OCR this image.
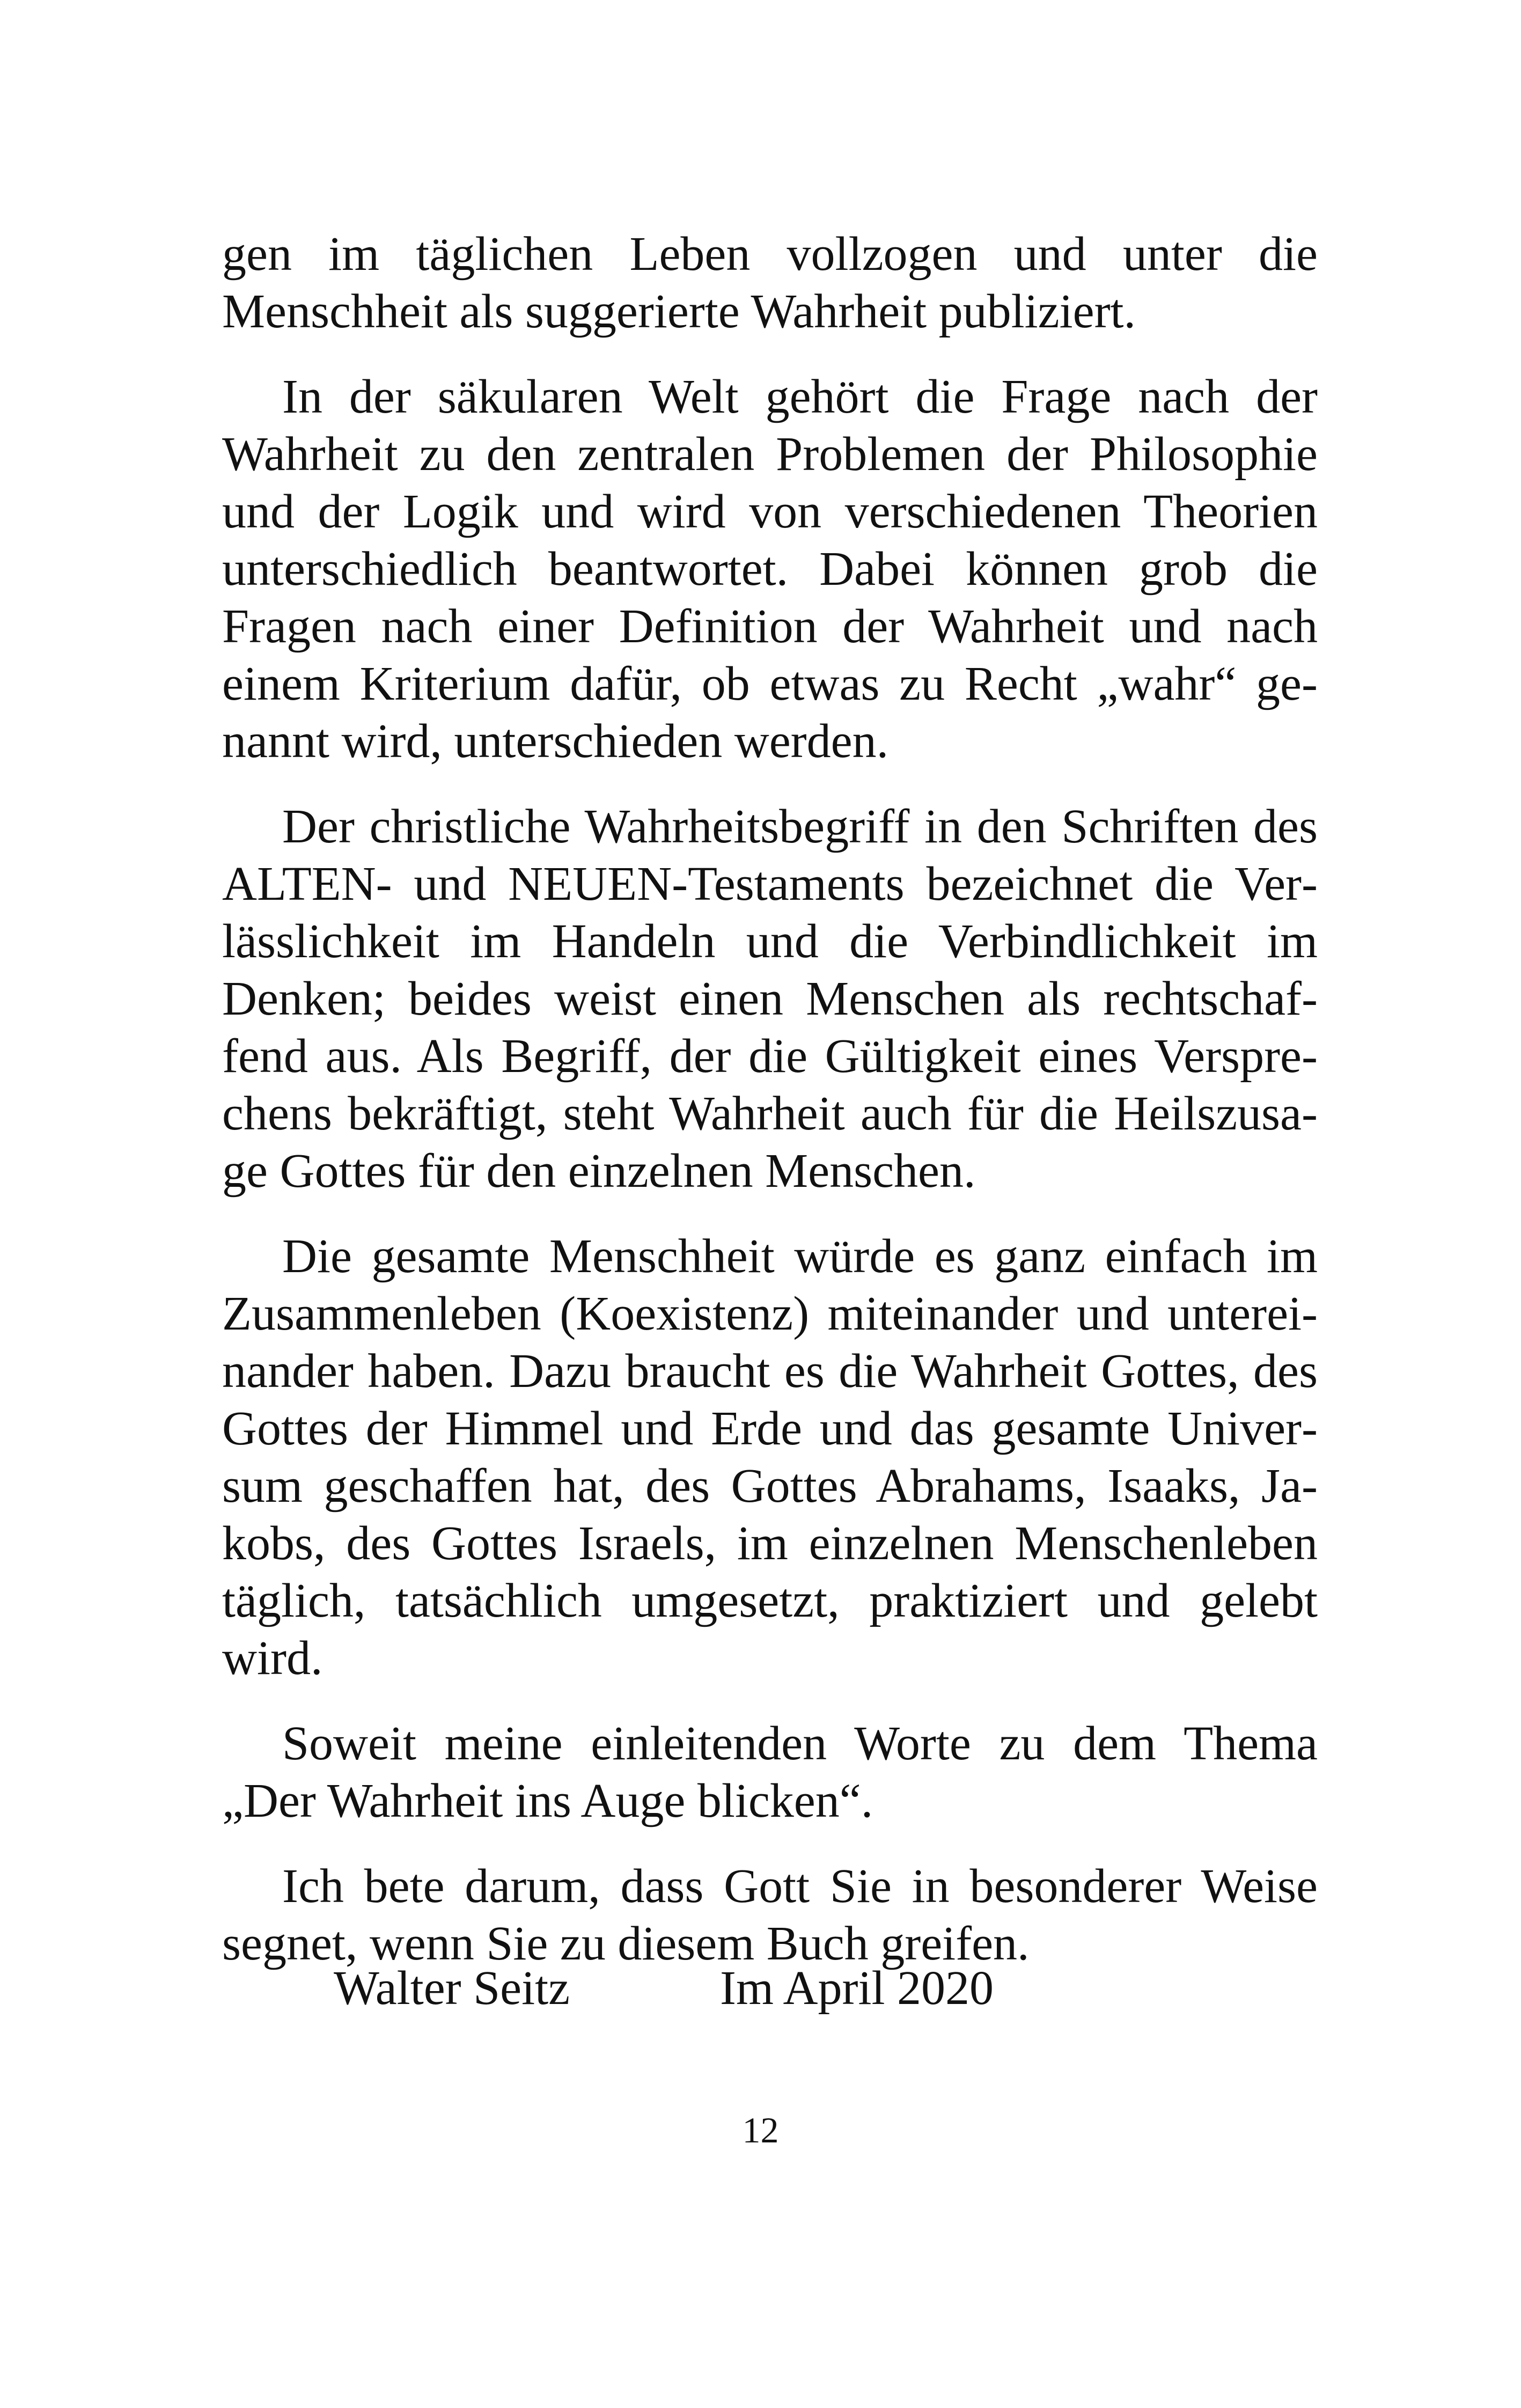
gen im täglichen Leben vollzogen und unter die Menschheit als suggerierte Wahrheit publiziert.

In der säkularen Welt gehört die Frage nach der Wahrheit zu den zentralen Problemen der Philosophie und der Logik und wird von verschiedenen Theorien unterschiedlich beantwortet. Dabei können grob die Fragen nach einer Definition der Wahrheit und nach einem Kriterium dafür, ob etwas zu Recht „wahr“ genannt wird, unterschieden werden.

Der christliche Wahrheitsbegriff in den Schriften des ALTEN- und NEUEN-Testaments bezeichnet die Verlässlichkeit im Handeln und die Verbindlichkeit im Denken; beides weist einen Menschen als rechtschaffend aus. Als Begriff, der die Gültigkeit eines Versprechens bekräftigt, steht Wahrheit auch für die Heilszusage Gottes für den einzelnen Menschen.

Die gesamte Menschheit würde es ganz einfach im Zusammenleben (Koexistenz) miteinander und untereinander haben. Dazu braucht es die Wahrheit Gottes, des Gottes der Himmel und Erde und das gesamte Universum geschaffen hat, des Gottes Abrahams, Isaaks, Jakobs, des Gottes Israels, im einzelnen Menschenleben täglich, tatsächlich umgesetzt, praktiziert und gelebt wird.

Soweit meine einleitenden Worte zu dem Thema „Der Wahrheit ins Auge blicken“.

Ich bete darum, dass Gott Sie in besonderer Weise segnet, wenn Sie zu diesem Buch greifen.

Walter Seitz	Im April 2020
12
